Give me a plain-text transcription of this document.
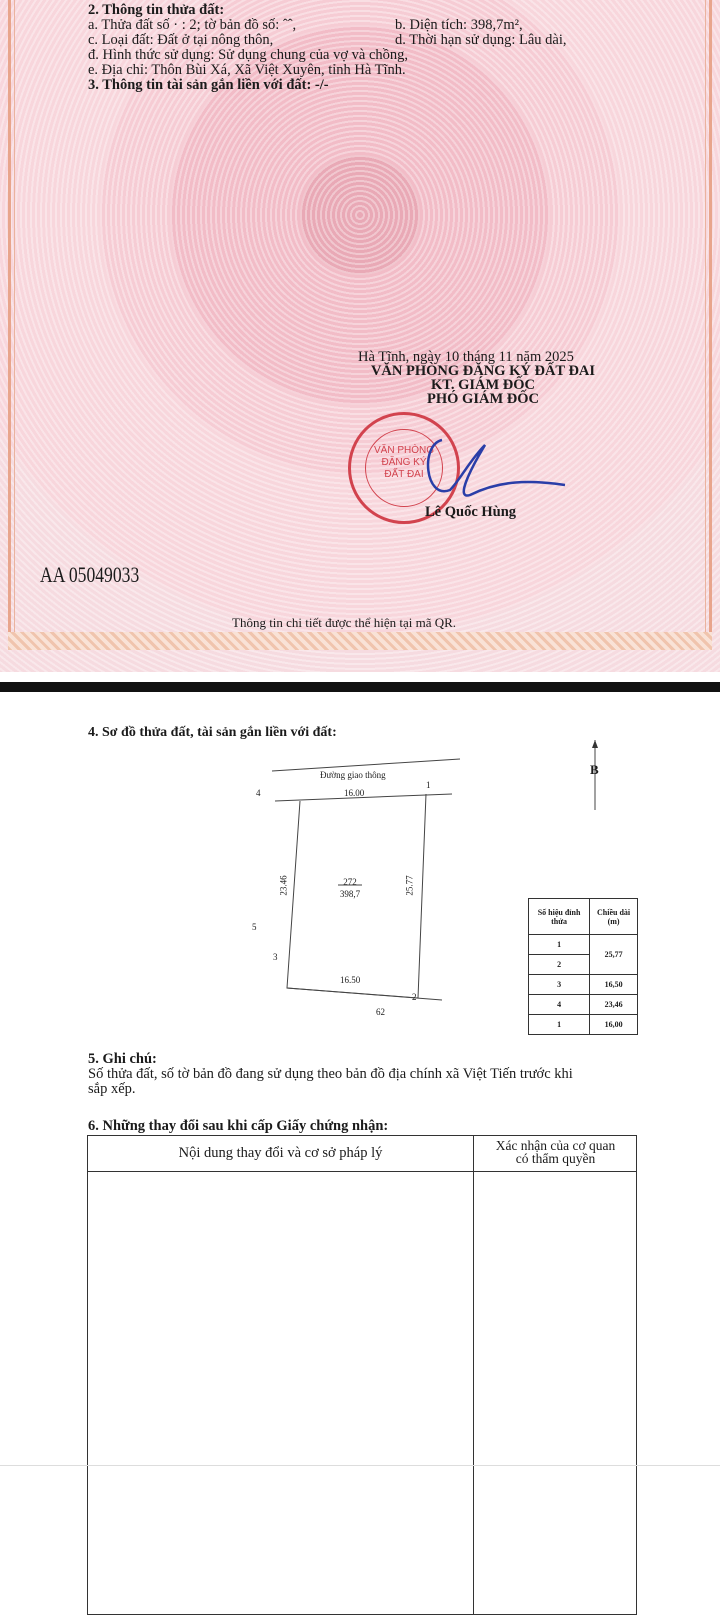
2. Thông tin thửa đất:
a. Thửa đất số · : 2; tờ bản đồ số: ˆˆ,	b. Diện tích: 398,7m²,
c. Loại đất: Đất ở tại nông thôn,	d. Thời hạn sử dụng: Lâu dài,
đ. Hình thức sử dụng: Sử dụng chung của vợ và chồng,
e. Địa chỉ: Thôn Bùi Xá, Xã Việt Xuyên, tỉnh Hà Tĩnh.
3. Thông tin tài sản gắn liền với đất: -/-
Hà Tĩnh, ngày 10 tháng 11 năm 2025
VĂN PHÒNG ĐĂNG KÝ ĐẤT ĐAI
KT. GIÁM ĐỐC
PHÓ GIÁM ĐỐC
VĂN PHÒNG
ĐĂNG KÝ
ĐẤT ĐAI
Lê Quốc Hùng
AA 05049033
Thông tin chi tiết được thể hiện tại mã QR.
4. Sơ đồ thửa đất, tài sản gắn liền với đất:
B
Đường giao thông
4
1
3
2
16.00
23.46	25.77
16.50
272
398,7
5
62
Số hiệu đỉnh thửa	Chiều dài (m)
1	25,77
2	
3	16,50
4	23,46
1	16,00
5. Ghi chú:
Số thửa đất, số tờ bản đồ đang sử dụng theo bản đồ địa chính xã Việt Tiến trước khi
sắp xếp.
6. Những thay đổi sau khi cấp Giấy chứng nhận:
Nội dung thay đổi và cơ sở pháp lý	Xác nhận của cơ quan
có thẩm quyền
